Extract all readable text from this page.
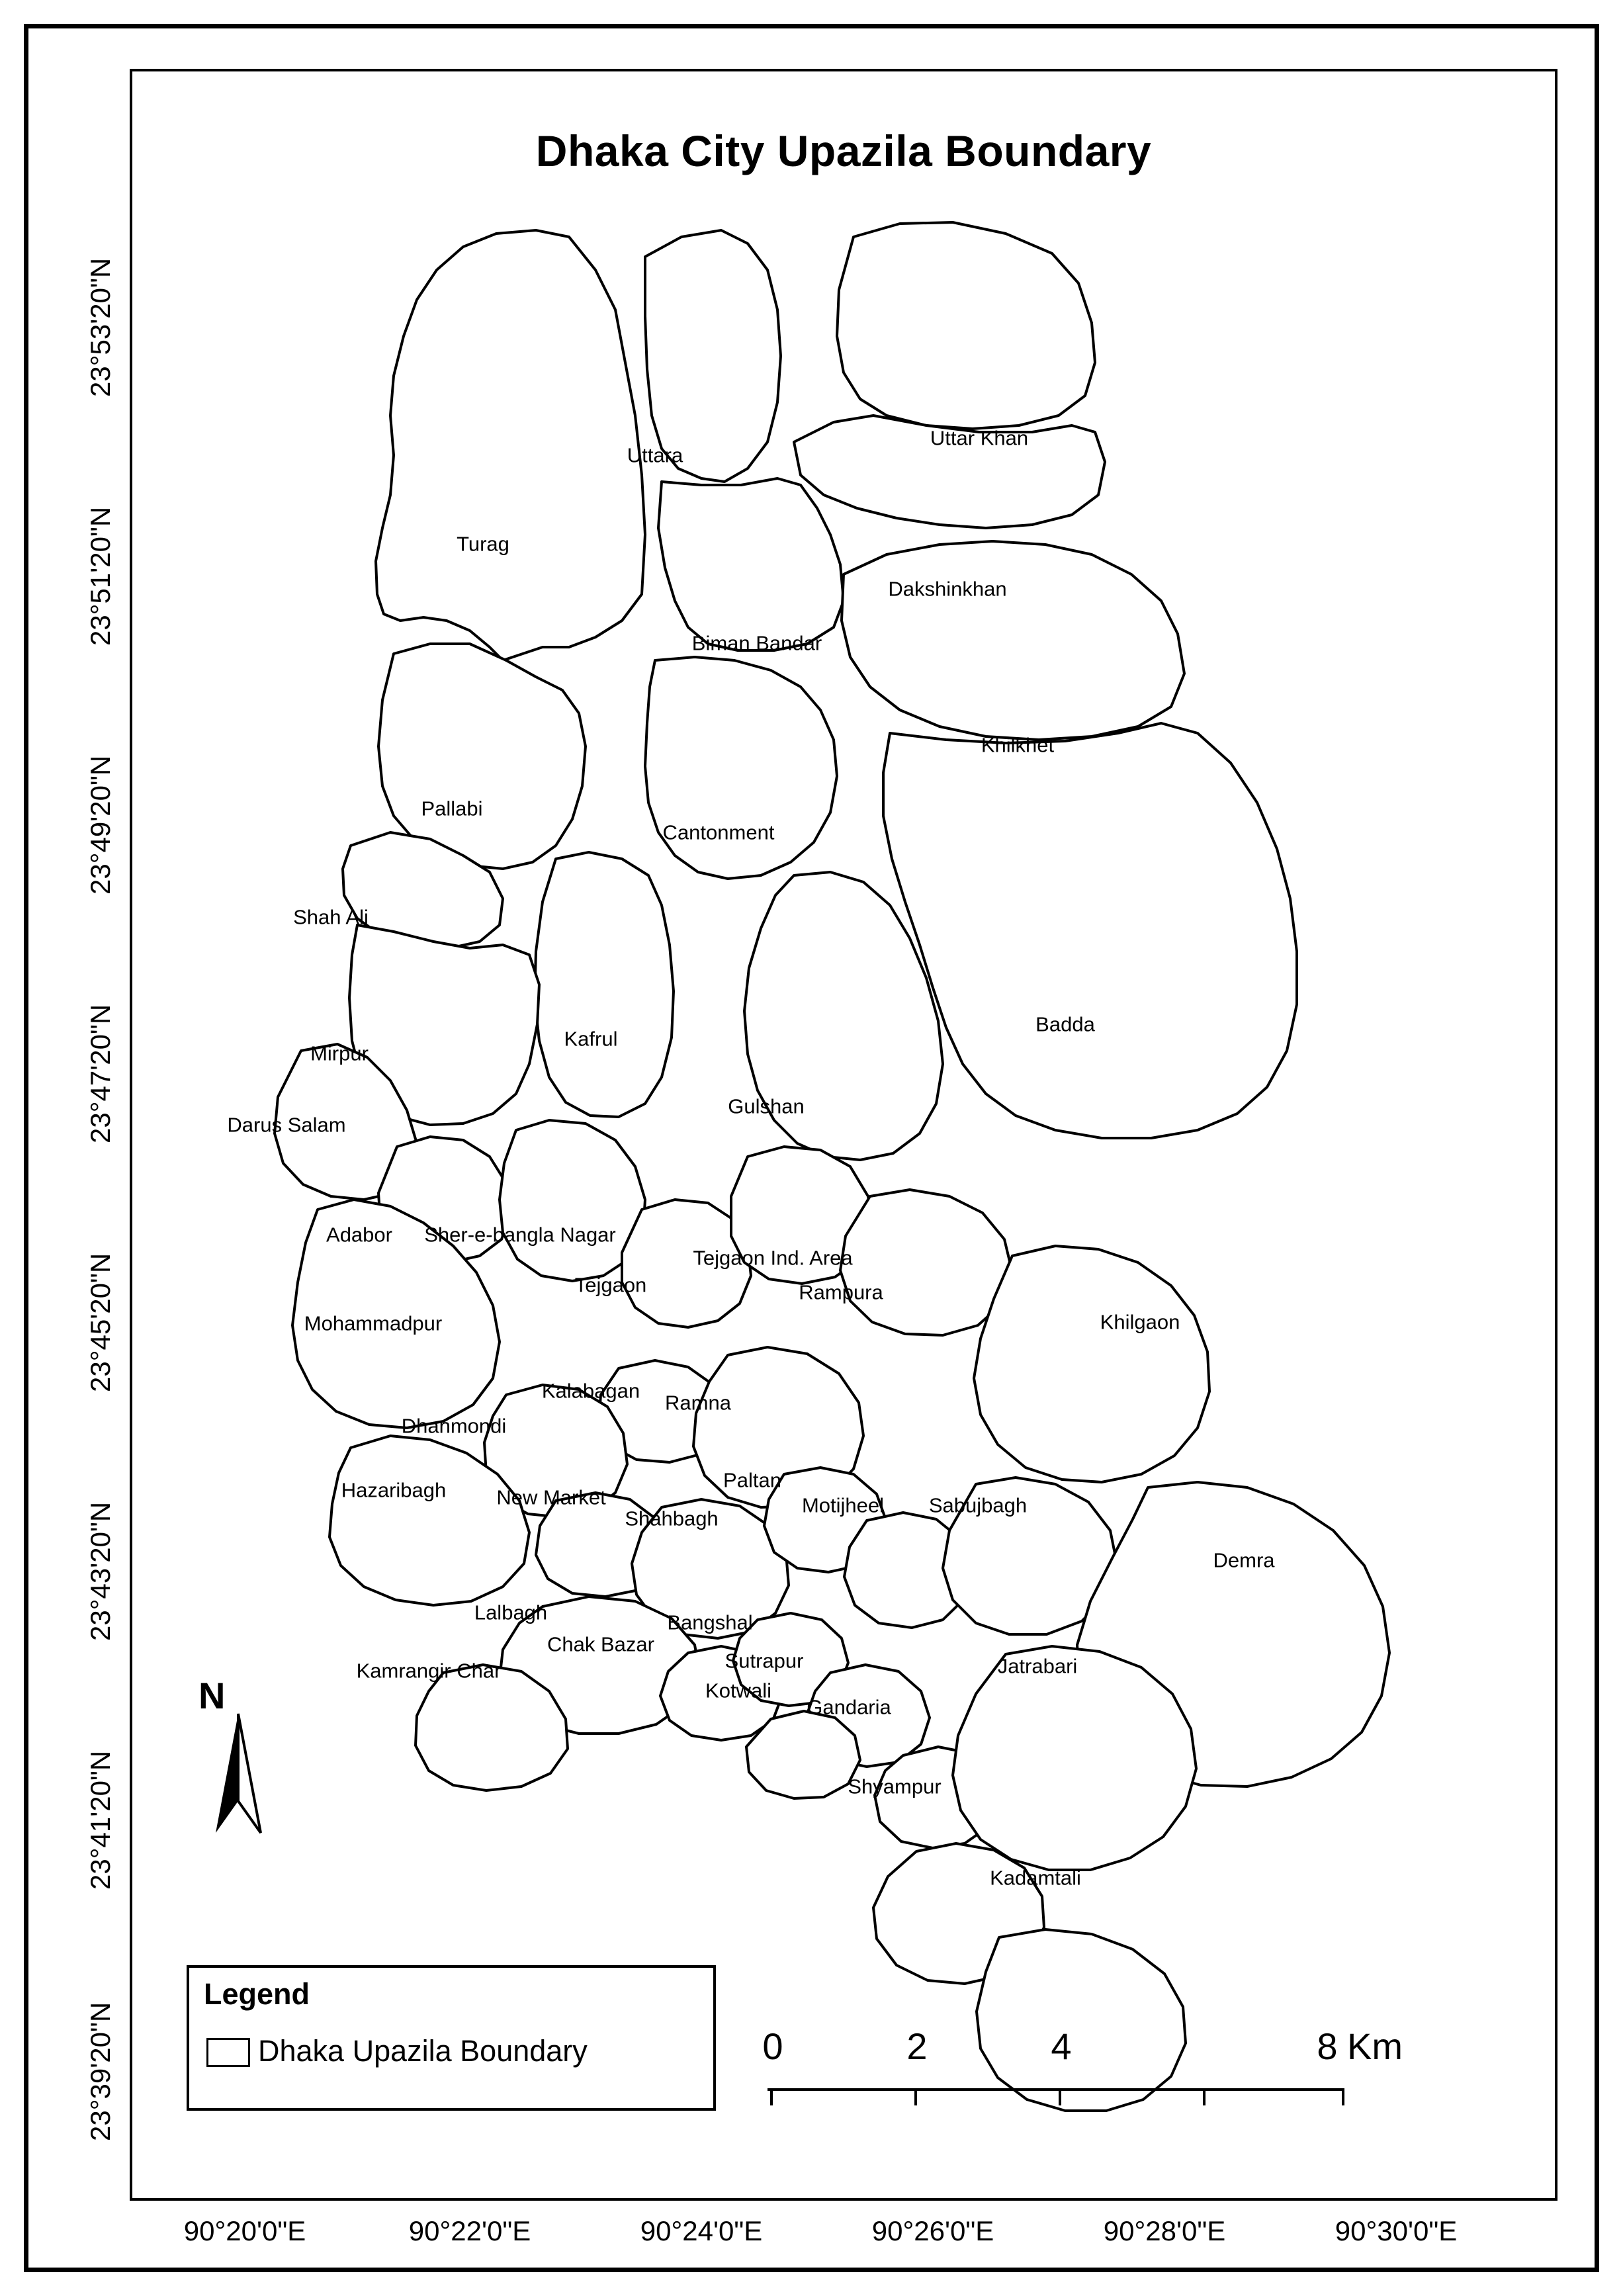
Dhaka City Upazila Boundary
23°53'20"N
23°51'20"N
23°49'20"N
23°47'20"N
23°45'20"N
23°43'20"N
23°41'20"N
23°39'20"N
90°20'0"E	90°22'0"E	90°24'0"E	90°26'0"E	90°28'0"E	90°30'0"E
Uttar Khan
Uttara
Turag
Dakshinkhan
Biman Bandar
Khilkhet
Pallabi
Cantonment
Shah Ali
Mirpur
Kafrul
Badda
Darus Salam
Gulshan
Adabor Sher-e-bangla Nagar
Tejgaon Ind. Area
Tejgaon	Rampura
Mohammadpur	Khilgaon
Kalabagan
Ramna
Dhanmondi
Hazaribagh New Market
Paltan
Motijheel Sabujbagh
Shahbagh
Demra
Lalbagh	Bangshal
Chak Bazar
Sutrapur
Kamrangir Char
Kotwali
Jatrabari
Gandaria
Shyampur
Kadamtali
N
Legend
Dhaka Upazila Boundary	0	2	4	8 Km
